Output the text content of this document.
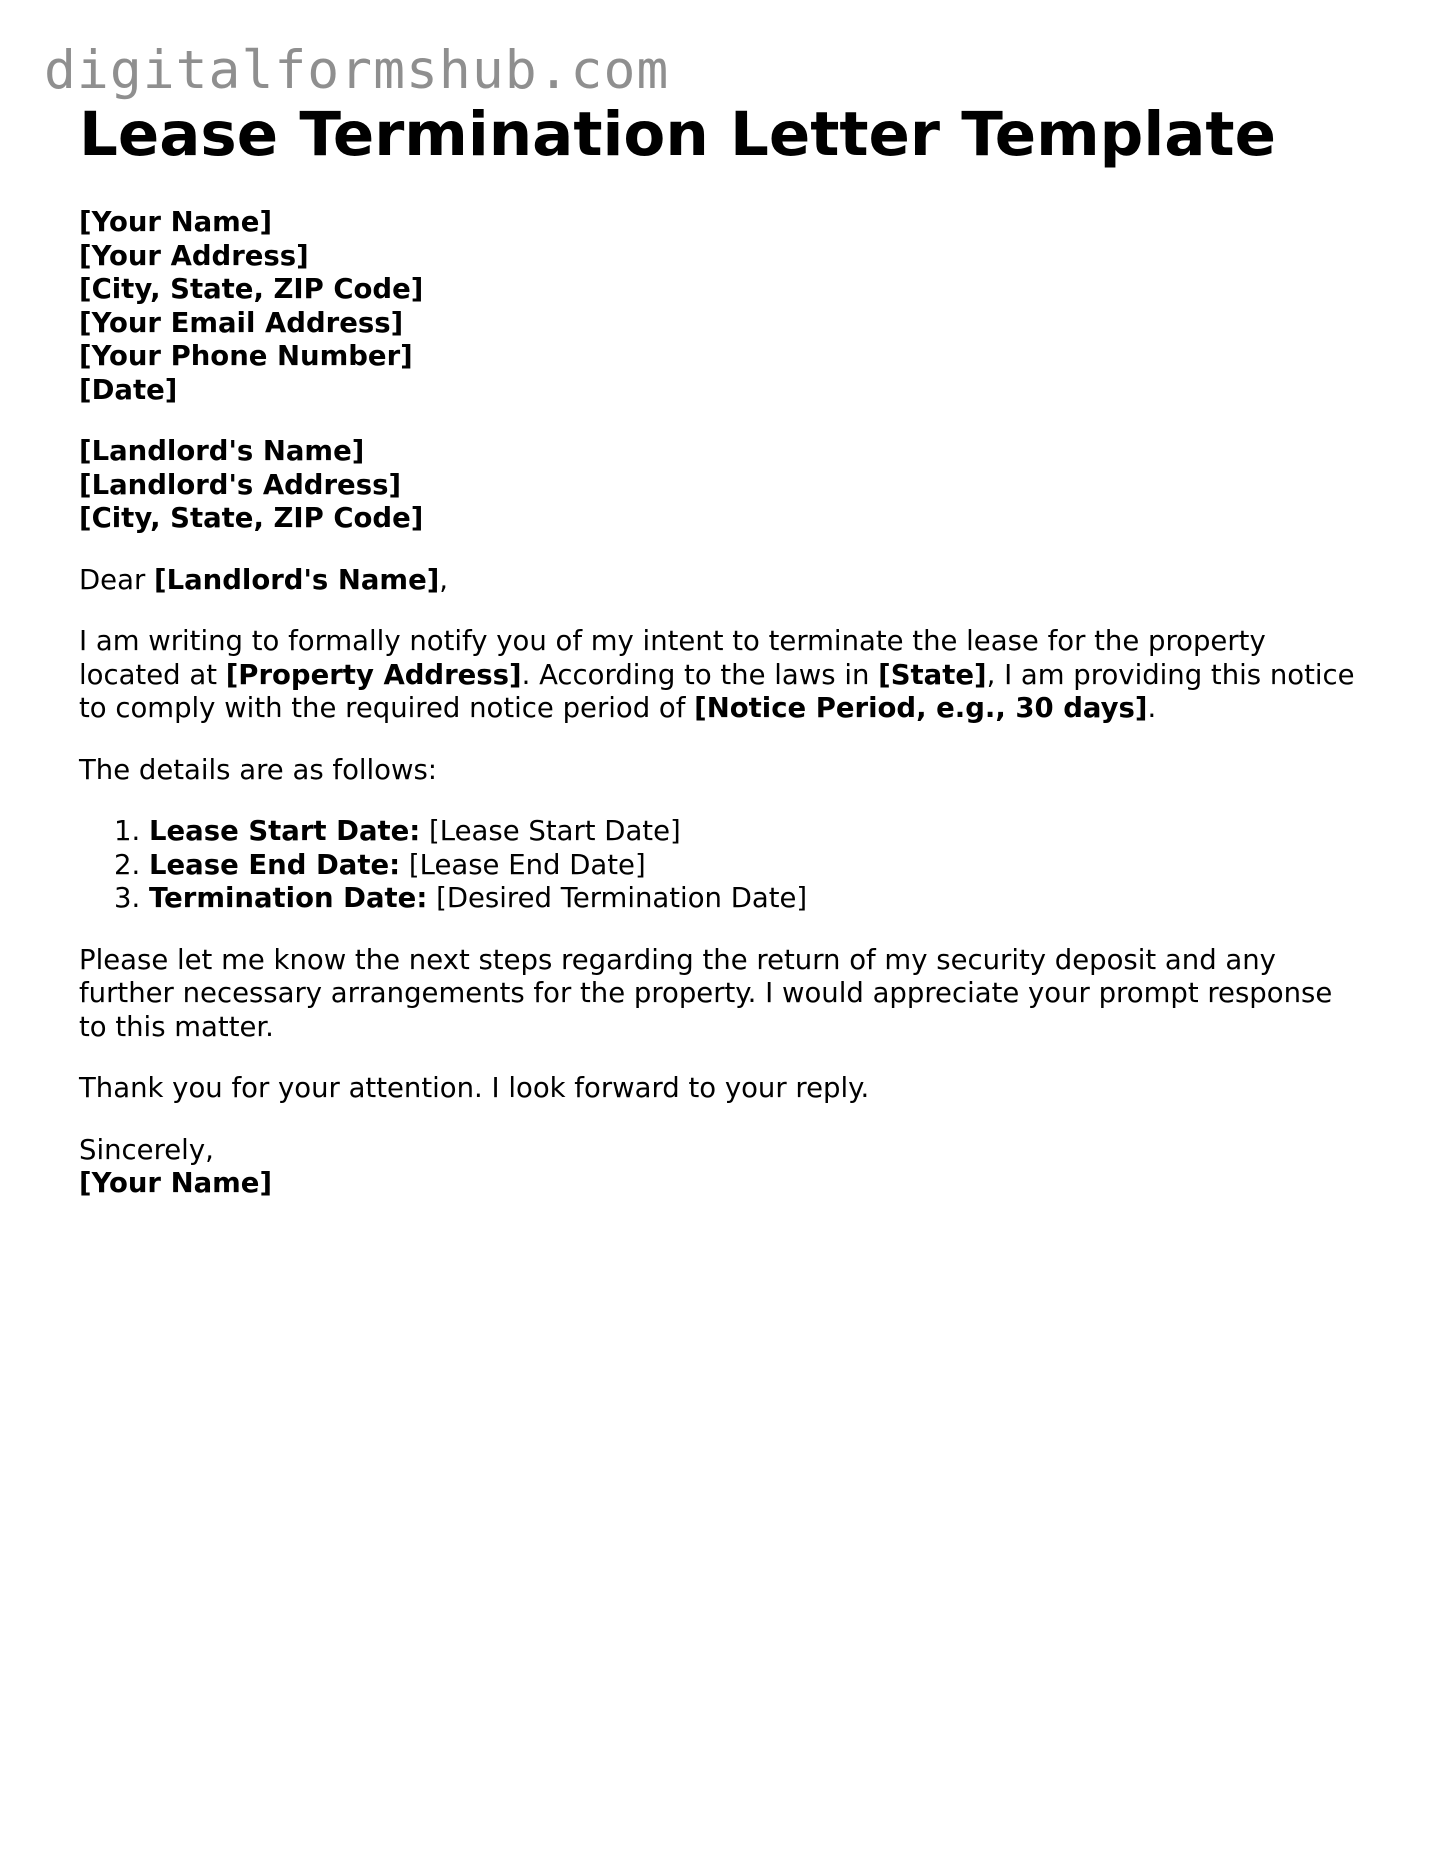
digitalformshub.com
Lease Termination Letter Template

[Your Name]
[Your Address]
[City, State, ZIP Code]
[Your Email Address]
[Your Phone Number]
[Date]

[Landlord's Name]
[Landlord's Address]
[City, State, ZIP Code]

Dear [Landlord's Name],

I am writing to formally notify you of my intent to terminate the lease for the property located at [Property Address]. According to the laws in [State], I am providing this notice to comply with the required notice period of [Notice Period, e.g., 30 days].

The details are as follows:

1. Lease Start Date: [Lease Start Date]
2. Lease End Date: [Lease End Date]
3. Termination Date: [Desired Termination Date]

Please let me know the next steps regarding the return of my security deposit and any further necessary arrangements for the property. I would appreciate your prompt response to this matter.

Thank you for your attention. I look forward to your reply.

Sincerely,
[Your Name]
